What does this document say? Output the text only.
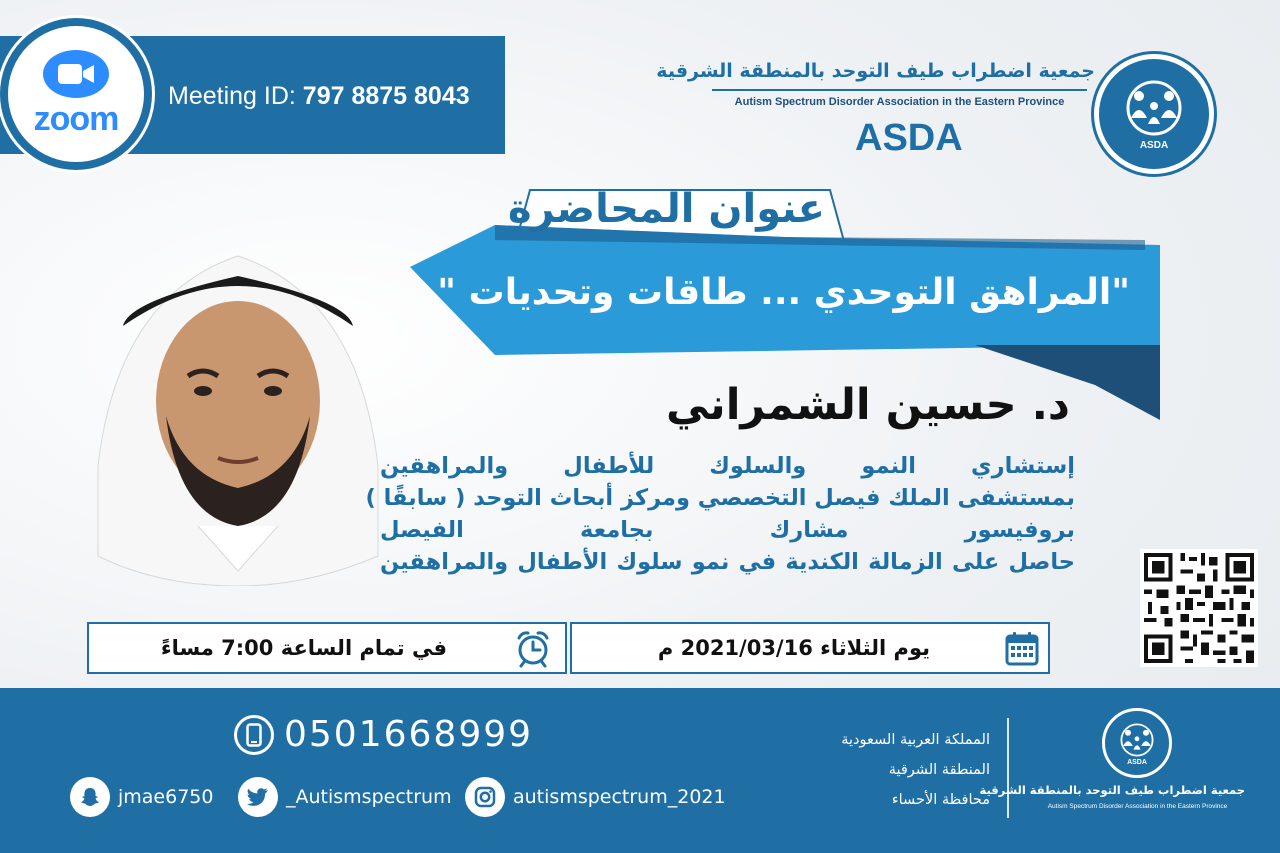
zoom
Meeting ID: 797 8875 8043
جمعية اضطراب طيف التوحد بالمنطقة الشرقية
Autism Spectrum Disorder Association in the Eastern Province
ASDA	ASDA
عنوان المحاضرة
"المراهق التوحدي ... طاقات وتحديات "
د. حسين الشمراني
إستشاري النمو والسلوك للأطفال والمراهقين
بمستشفى الملك فيصل التخصصي ومركز أبحاث التوحد ( سابقًا )
بروفيسور مشارك بجامعة الفيصل
حاصل على الزمالة الكندية في نمو سلوك الأطفال والمراهقين
في تمام الساعة 7:00 مساءً	يوم الثلاثاء 2021/03/16 م
0501668999
jmae6750	_Autismspectrum	autismspectrum_2021
المملكة العربية السعودية
المنطقة الشرقية
محافظة الأحساء
ASDA
جمعية اضطراب طيف التوحد بالمنطقة الشرقية
Autism Spectrum Disorder Association in the Eastern Province
